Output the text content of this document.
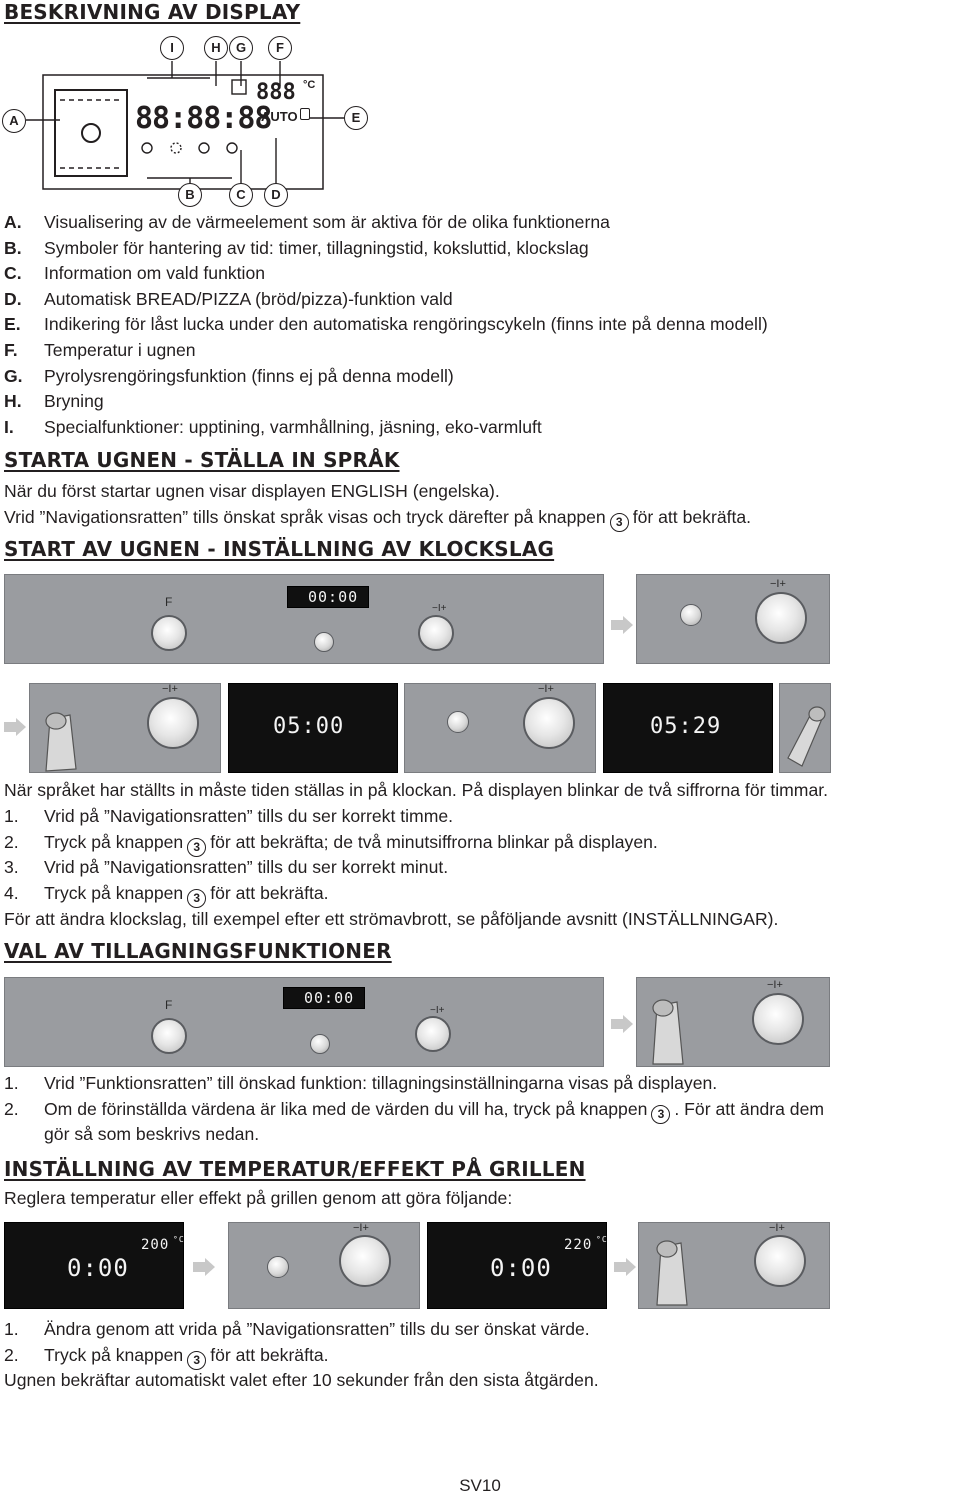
BESKRIVNING AV DISPLAY
88:88:88
888 °C
AUTO
I	H	G	F
A	E
B	C	D
A. Visualisering av de värmeelement som är aktiva för de olika funktionerna
B. Symboler för hantering av tid: timer, tillagningstid, koksluttid, klockslag
C. Information om vald funktion
D. Automatisk BREAD/PIZZA (bröd/pizza)-funktion vald
E. Indikering för låst lucka under den automatiska rengöringscykeln (finns inte på denna modell)
F. Temperatur i ugnen
G. Pyrolysrengöringsfunktion (finns ej på denna modell)
H. Bryning
I. Specialfunktioner: upptining, varmhållning, jäsning, eko-varmluft
STARTA UGNEN - STÄLLA IN SPRÅK

När du först startar ugnen visar displayen ENGLISH (engelska).

Vrid ”Navigationsratten” tills önskat språk visas och tryck därefter på knappen 3 för att bekräfta.

START AV UGNEN - INSTÄLLNING AV KLOCKSLAG
F	00:00
−I+
−I+
−I+
05:00
−I+
05:29

När språket har ställts in måste tiden ställas in på klockan. På displayen blinkar de två siffrorna för timmar.

1. Vrid på ”Navigationsratten” tills du ser korrekt timme.
2. Tryck på knappen 3 för att bekräfta; de två minutsiffrorna blinkar på displayen.
3. Vrid på ”Navigationsratten” tills du ser korrekt minut.
4. Tryck på knappen 3 för att bekräfta.

För att ändra klockslag, till exempel efter ett strömavbrott, se påföljande avsnitt (INSTÄLLNINGAR).

VAL AV TILLAGNINGSFUNKTIONER
F	00:00
−I+
−I+
1. Vrid ”Funktionsratten” till önskad funktion: tillagningsinställningarna visas på displayen.
2. Om de förinställda värdena är lika med de värden du vill ha, tryck på knappen 3 . För att ändra dem
gör så som beskrivs nedan.
INSTÄLLNING AV TEMPERATUR/EFFEKT PÅ GRILLEN

Reglera temperatur eller effekt på grillen genom att göra följande:

0:00
200 °C
−I+
0:00
220 °C
−I+
1. Ändra genom att vrida på ”Navigationsratten” tills du ser önskat värde.
2. Tryck på knappen 3 för att bekräfta.

Ugnen bekräftar automatiskt valet efter 10 sekunder från den sista åtgärden.

SV10
